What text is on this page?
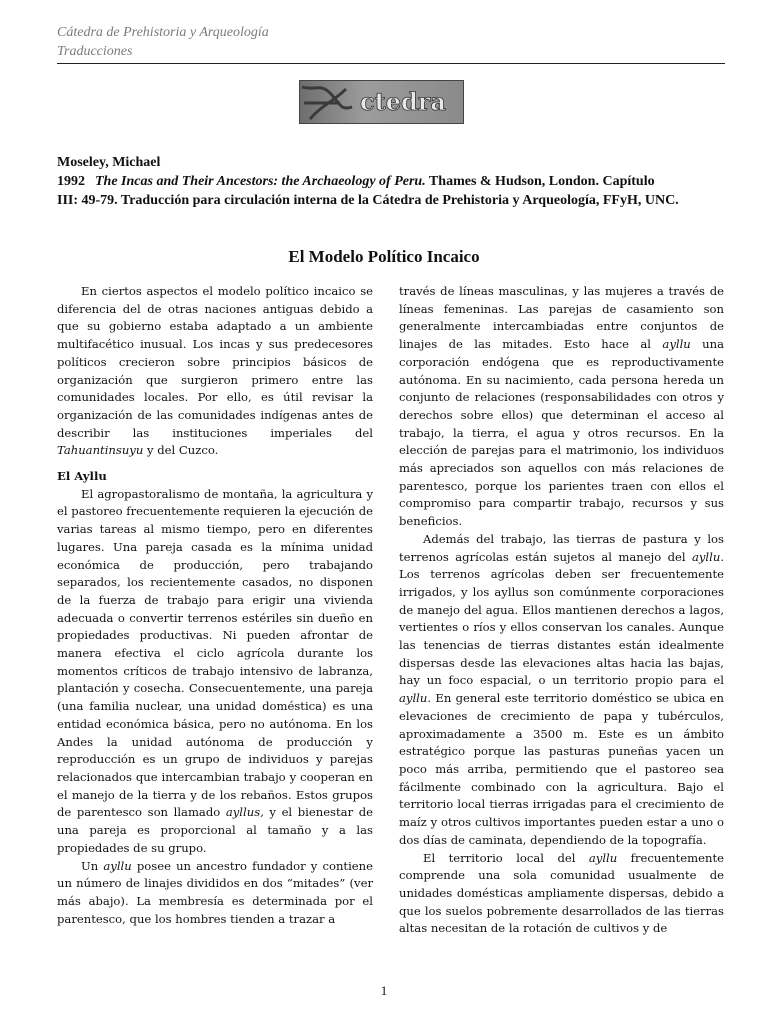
Cátedra de Prehistoria y Arqueología
Traducciones
ctedra
Moseley, Michael
1992 The Incas and Their Ancestors: the Archaeology of Peru. Thames & Hudson, London. Capítulo
III: 49-79. Traducción para circulación interna de la Cátedra de Prehistoria y Arqueología, FFyH, UNC.
El Modelo Político Incaico

En ciertos aspectos el modelo político incaico se diferencia del de otras naciones antiguas debido a que su gobierno estaba adaptado a un ambiente multifacético inusual. Los incas y sus predecesores políticos crecieron sobre principios básicos de organización que surgieron primero entre las comunidades locales. Por ello, es útil revisar la organización de las comunidades indígenas antes de describir las instituciones imperiales del Tahuantinsuyu y del Cuzco.

El Ayllu

El agropastoralismo de montaña, la agricultura y el pastoreo frecuentemente requieren la ejecución de varias tareas al mismo tiempo, pero en diferentes lugares. Una pareja casada es la mínima unidad económica de producción, pero trabajando separados, los recientemente casados, no disponen de la fuerza de trabajo para erigir una vivienda adecuada o convertir terrenos estériles sin dueño en propiedades productivas. Ni pueden afrontar de manera efectiva el ciclo agrícola durante los momentos críticos de trabajo intensivo de labranza, plantación y cosecha. Consecuentemente, una pareja (una familia nuclear, una unidad doméstica) es una entidad económica básica, pero no autónoma. En los Andes la unidad autónoma de producción y reproducción es un grupo de individuos y parejas relacionados que intercambian trabajo y cooperan en el manejo de la tierra y de los rebaños. Estos grupos de parentesco son llamado ayllus, y el bienestar de una pareja es proporcional al tamaño y a las propiedades de su grupo.

Un ayllu posee un ancestro fundador y contiene un número de linajes divididos en dos “mitades” (ver más abajo). La membresía es determinada por el parentesco, que los hombres tienden a trazar a

través de líneas masculinas, y las mujeres a través de líneas femeninas. Las parejas de casamiento son generalmente intercambiadas entre conjuntos de linajes de las mitades. Esto hace al ayllu una corporación endógena que es reproductivamente autónoma. En su nacimiento, cada persona hereda un conjunto de relaciones (responsabilidades con otros y derechos sobre ellos) que determinan el acceso al trabajo, la tierra, el agua y otros recursos. En la elección de parejas para el matrimonio, los individuos más apreciados son aquellos con más relaciones de parentesco, porque los parientes traen con ellos el compromiso para compartir trabajo, recursos y sus beneficios.

Además del trabajo, las tierras de pastura y los terrenos agrícolas están sujetos al manejo del ayllu. Los terrenos agrícolas deben ser frecuentemente irrigados, y los ayllus son comúnmente corporaciones de manejo del agua. Ellos mantienen derechos a lagos, vertientes o ríos y ellos conservan los canales. Aunque las tenencias de tierras distantes están idealmente dispersas desde las elevaciones altas hacia las bajas, hay un foco espacial, o un territorio propio para el ayllu. En general este territorio doméstico se ubica en elevaciones de crecimiento de papa y tubérculos, aproximadamente a 3500 m. Este es un ámbito estratégico porque las pasturas puneñas yacen un poco más arriba, permitiendo que el pastoreo sea fácilmente combinado con la agricultura. Bajo el territorio local tierras irrigadas para el crecimiento de maíz y otros cultivos importantes pueden estar a uno o dos días de caminata, dependiendo de la topografía.

El territorio local del ayllu frecuentemente comprende una sola comunidad usualmente de unidades domésticas ampliamente dispersas, debido a que los suelos pobremente desarrollados de las tierras altas necesitan de la rotación de cultivos y de

1
